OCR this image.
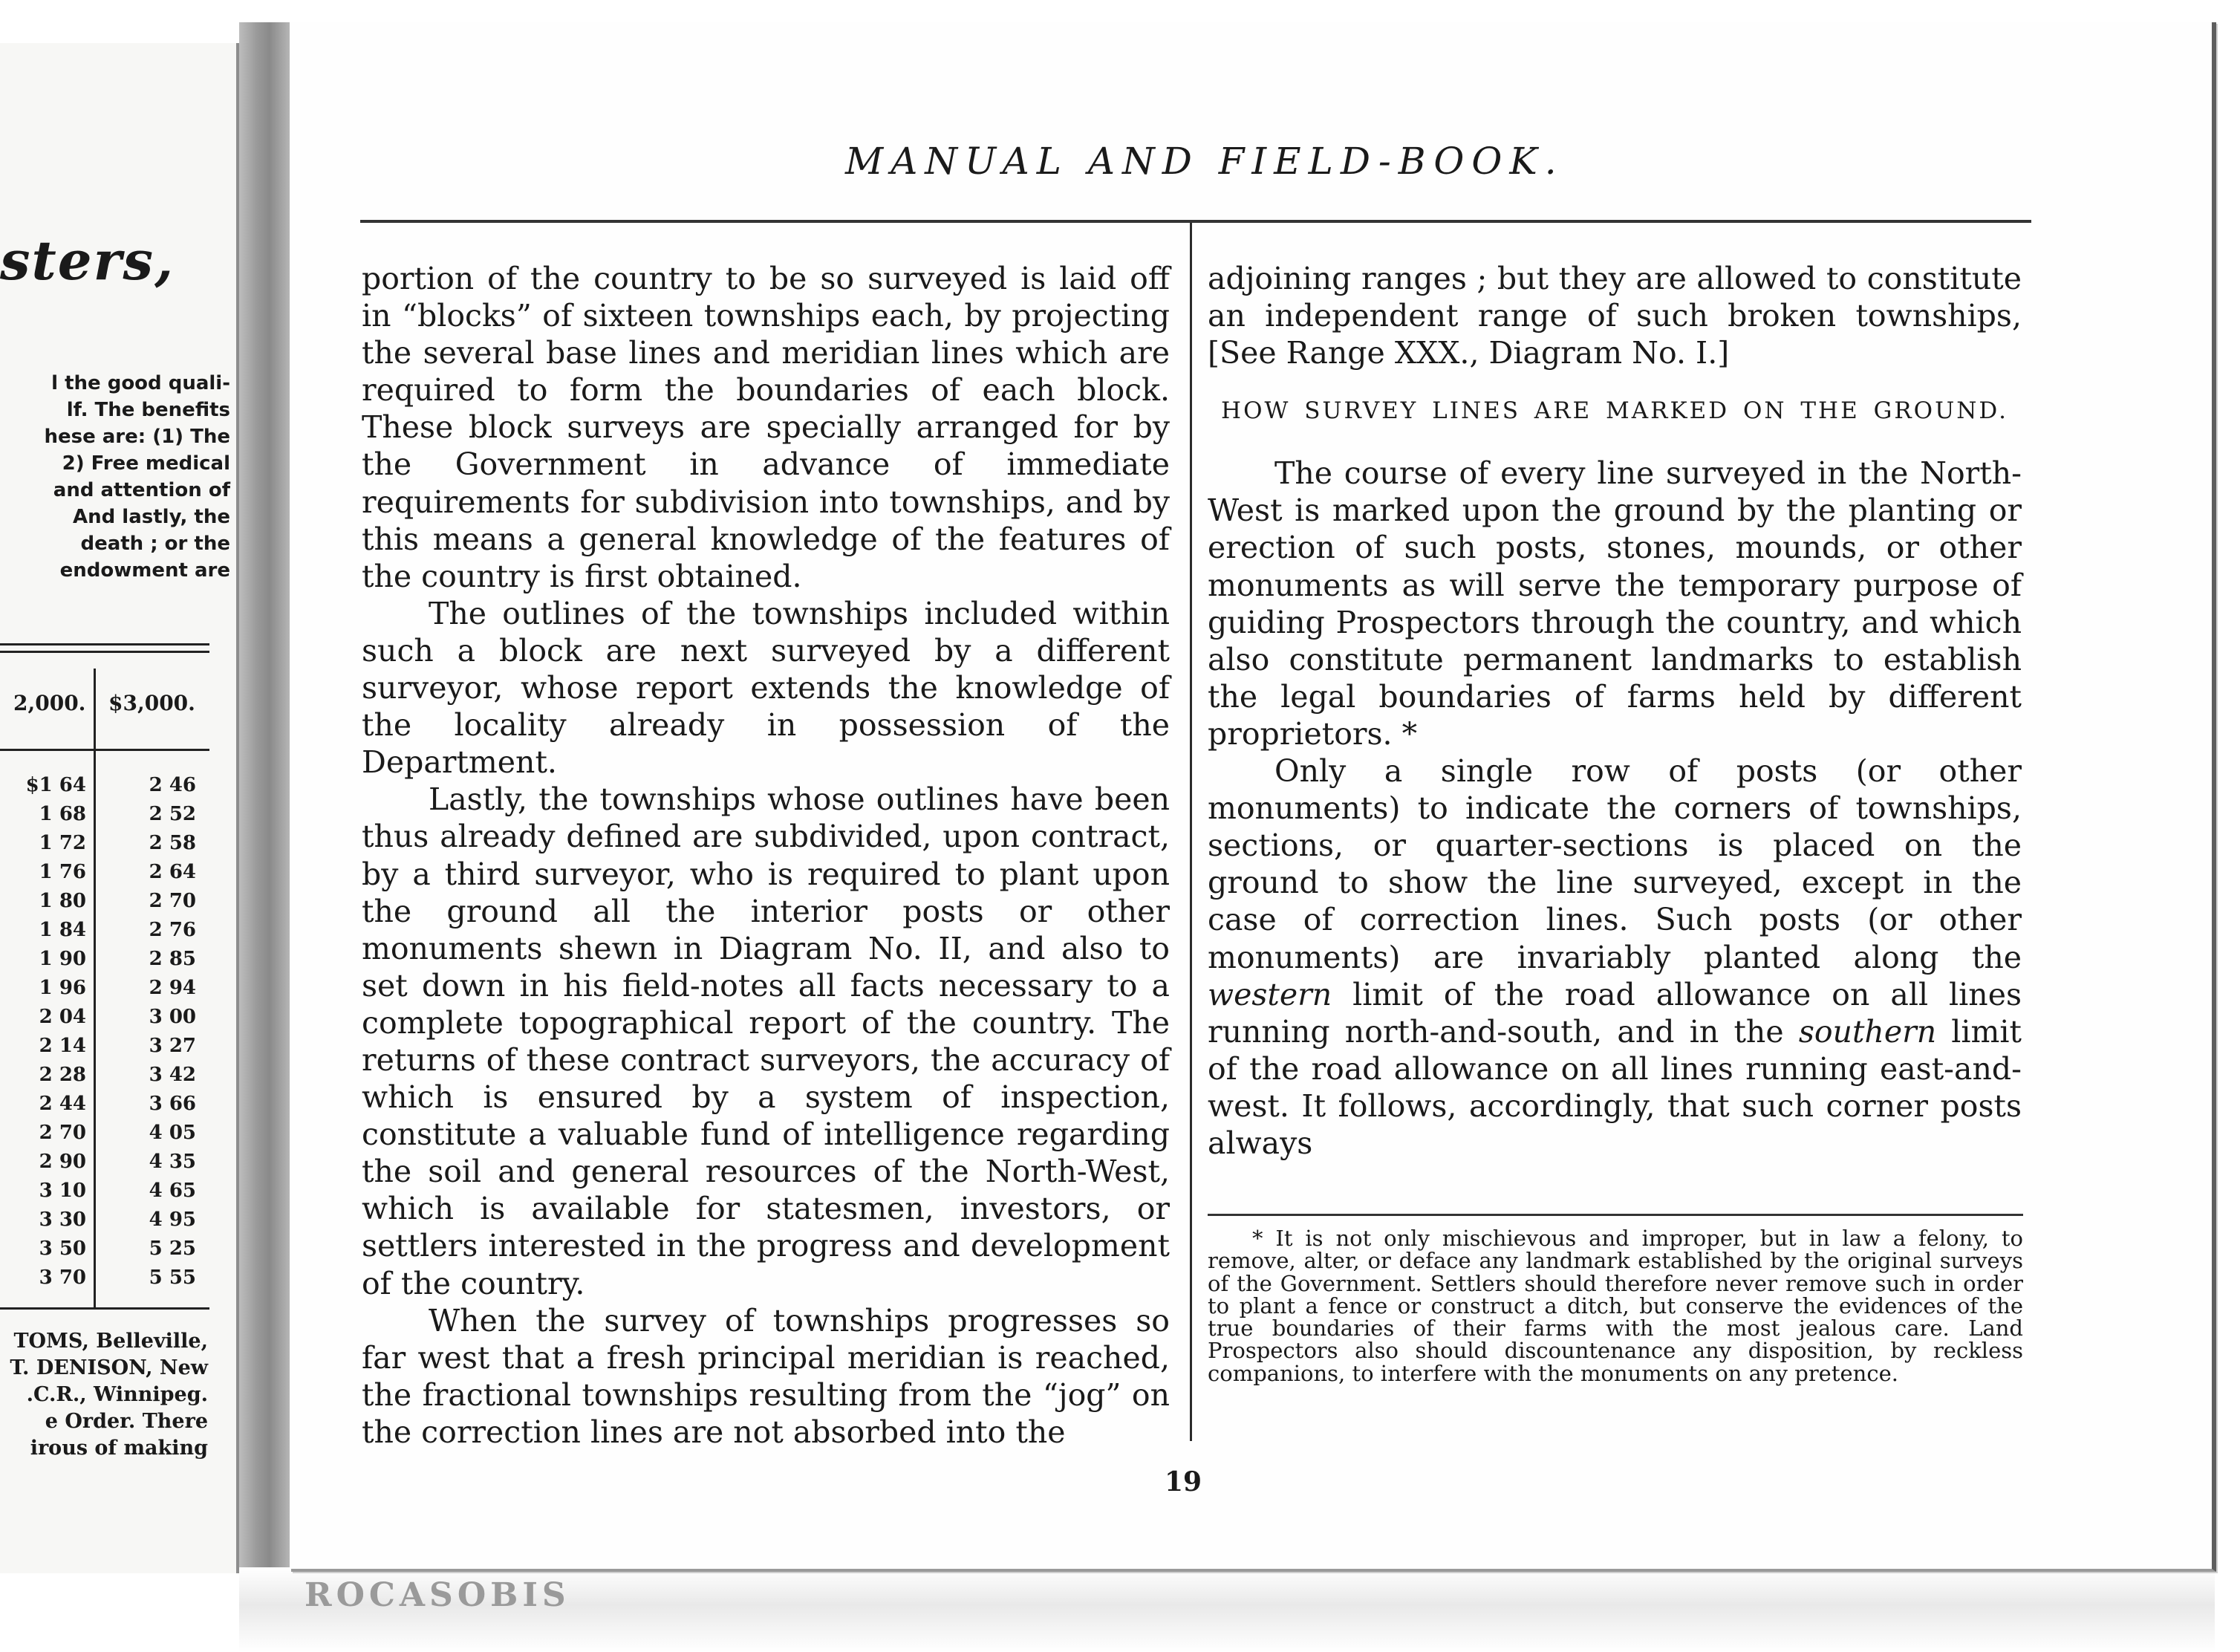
sters,
l the good quali-
lf. The benefits
hese are: (1) The
2) Free medical
and attention of
And lastly, the
death ; or the
endowment are
2,000. $3,000.
$1 64	2 46
1 68	2 52
1 72	2 58
1 76	2 64
1 80	2 70
1 84	2 76
1 90	2 85
1 96	2 94
2 04	3 00
2 14	3 27
2 28	3 42
2 44	3 66
2 70	4 05
2 90	4 35
3 10	4 65
3 30	4 95
3 50	5 25
3 70	5 55
TOMS, Belleville,
T. DENISON, New
.C.R., Winnipeg.
e Order. There
irous of making
ROCASOBIS
MANUAL AND FIELD-BOOK.

portion of the country to be so surveyed is laid off in “blocks” of sixteen townships each, by projecting the several base lines and meridian lines which are required to form the boundaries of each block. These block surveys are specially arranged for by the Government in advance of immediate requirements for subdivision into townships, and by this means a general knowledge of the features of the country is first obtained.

The outlines of the townships included within such a block are next surveyed by a different surveyor, whose report extends the knowledge of the locality already in possession of the Department.

Lastly, the townships whose outlines have been thus already defined are subdivided, upon contract, by a third surveyor, who is required to plant upon the ground all the interior posts or other monuments shewn in Diagram No. II, and also to set down in his field-notes all facts necessary to a complete topographical report of the country. The returns of these contract surveyors, the accuracy of which is ensured by a system of inspection, constitute a valuable fund of intelligence regarding the soil and general resources of the North-West, which is available for statesmen, investors, or settlers interested in the progress and development of the country.

When the survey of townships progresses so far west that a fresh principal meridian is reached, the fractional townships resulting from the “jog” on the correction lines are not absorbed into the

adjoining ranges ; but they are allowed to constitute an independent range of such broken townships, [See Range XXX., Diagram No. I.]

HOW SURVEY LINES ARE MARKED ON THE GROUND.

The course of every line surveyed in the North-West is marked upon the ground by the planting or erection of such posts, stones, mounds, or other monuments as will serve the temporary purpose of guiding Prospectors through the country, and which also constitute permanent landmarks to establish the legal boundaries of farms held by different proprietors. *

Only a single row of posts (or other monuments) to indicate the corners of townships, sections, or quarter-sections is placed on the ground to show the line surveyed, except in the case of correction lines. Such posts (or other monuments) are invariably planted along the western limit of the road allowance on all lines running north-and-south, and in the southern limit of the road allowance on all lines running east-and-west. It follows, accordingly, that such corner posts always

* It is not only mischievous and improper, but in law a felony, to remove, alter, or deface any landmark established by the original surveys of the Government. Settlers should therefore never remove such in order to plant a fence or construct a ditch, but conserve the evidences of the true boundaries of their farms with the most jealous care. Land Prospectors also should discountenance any disposition, by reckless companions, to interfere with the monuments on any pretence.

19
